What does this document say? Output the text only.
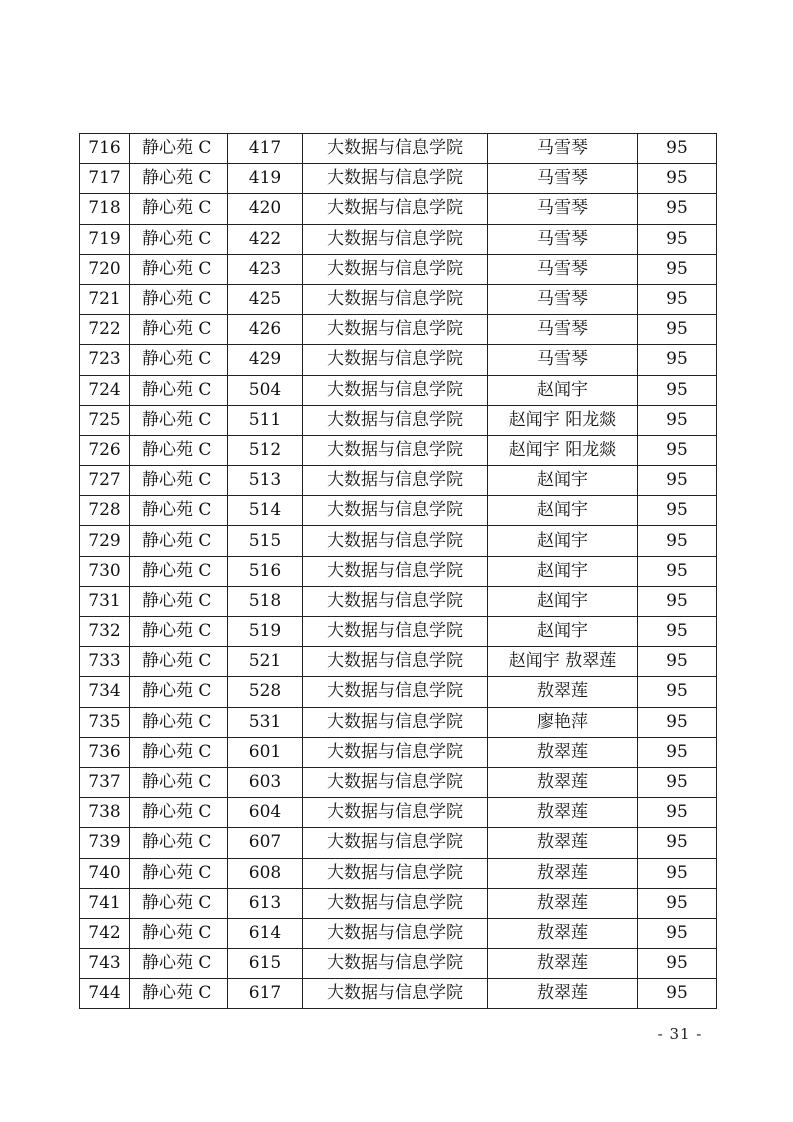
716	静心苑 C	417	大数据与信息学院	马雪琴	95
717	静心苑 C	419	大数据与信息学院	马雪琴	95
718	静心苑 C	420	大数据与信息学院	马雪琴	95
719	静心苑 C	422	大数据与信息学院	马雪琴	95
720	静心苑 C	423	大数据与信息学院	马雪琴	95
721	静心苑 C	425	大数据与信息学院	马雪琴	95
722	静心苑 C	426	大数据与信息学院	马雪琴	95
723	静心苑 C	429	大数据与信息学院	马雪琴	95
724	静心苑 C	504	大数据与信息学院	赵闻宇	95
725	静心苑 C	511	大数据与信息学院	赵闻宇 阳龙燚	95
726	静心苑 C	512	大数据与信息学院	赵闻宇 阳龙燚	95
727	静心苑 C	513	大数据与信息学院	赵闻宇	95
728	静心苑 C	514	大数据与信息学院	赵闻宇	95
729	静心苑 C	515	大数据与信息学院	赵闻宇	95
730	静心苑 C	516	大数据与信息学院	赵闻宇	95
731	静心苑 C	518	大数据与信息学院	赵闻宇	95
732	静心苑 C	519	大数据与信息学院	赵闻宇	95
733	静心苑 C	521	大数据与信息学院	赵闻宇 敖翠莲	95
734	静心苑 C	528	大数据与信息学院	敖翠莲	95
735	静心苑 C	531	大数据与信息学院	廖艳萍	95
736	静心苑 C	601	大数据与信息学院	敖翠莲	95
737	静心苑 C	603	大数据与信息学院	敖翠莲	95
738	静心苑 C	604	大数据与信息学院	敖翠莲	95
739	静心苑 C	607	大数据与信息学院	敖翠莲	95
740	静心苑 C	608	大数据与信息学院	敖翠莲	95
741	静心苑 C	613	大数据与信息学院	敖翠莲	95
742	静心苑 C	614	大数据与信息学院	敖翠莲	95
743	静心苑 C	615	大数据与信息学院	敖翠莲	95
744	静心苑 C	617	大数据与信息学院	敖翠莲	95
- 31 -
